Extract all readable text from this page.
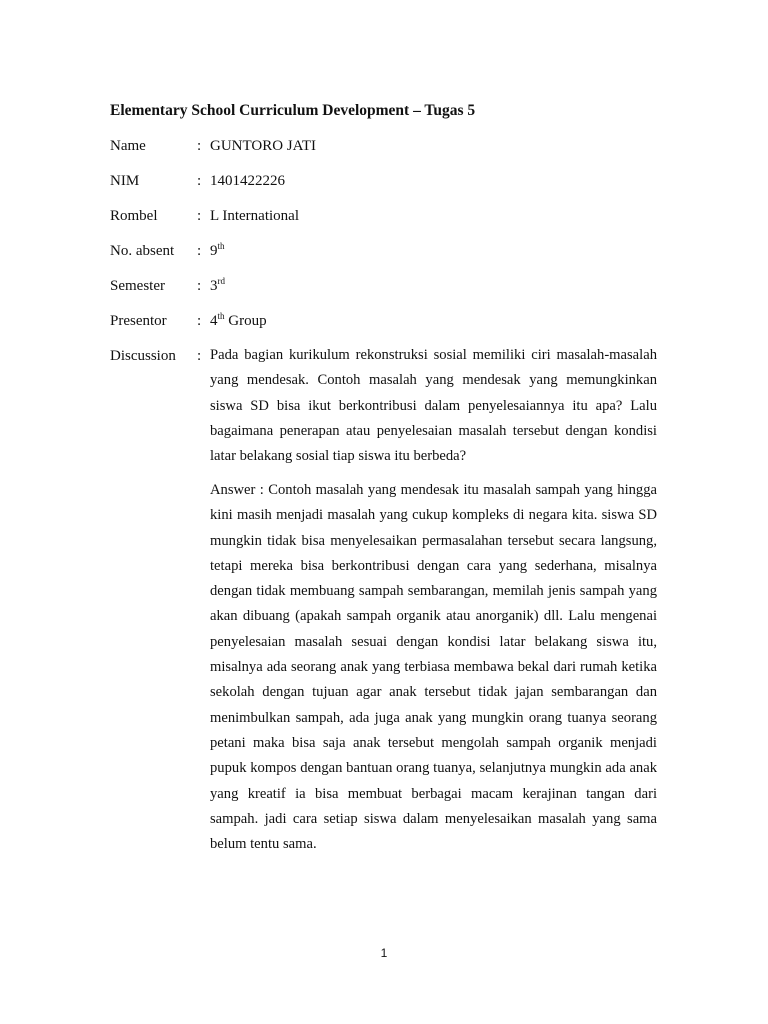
Elementary School Curriculum Development – Tugas 5
Name	: GUNTORO JATI
NIM	: 1401422226
Rombel	: L International
No. absent : 9th
Semester : 3rd
Presentor : 4th Group
Discussion : Pada bagian kurikulum rekonstruksi sosial memiliki ciri masalah-masalah yang mendesak. Contoh masalah yang mendesak yang memungkinkan siswa SD bisa ikut berkontribusi dalam penyelesaiannya itu apa? Lalu bagaimana penerapan atau penyelesaian masalah tersebut dengan kondisi latar belakang sosial tiap siswa itu berbeda?

Answer : Contoh masalah yang mendesak itu masalah sampah yang hingga kini masih menjadi masalah yang cukup kompleks di negara kita. siswa SD mungkin tidak bisa menyelesaikan permasalahan tersebut secara langsung, tetapi mereka bisa berkontribusi dengan cara yang sederhana, misalnya dengan tidak membuang sampah sembarangan, memilah jenis sampah yang akan dibuang (apakah sampah organik atau anorganik) dll. Lalu mengenai penyelesaian masalah sesuai dengan kondisi latar belakang siswa itu, misalnya ada seorang anak yang terbiasa membawa bekal dari rumah ketika sekolah dengan tujuan agar anak tersebut tidak jajan sembarangan dan menimbulkan sampah, ada juga anak yang mungkin orang tuanya seorang petani maka bisa saja anak tersebut mengolah sampah organik menjadi pupuk kompos dengan bantuan orang tuanya, selanjutnya mungkin ada anak yang kreatif ia bisa membuat berbagai macam kerajinan tangan dari sampah. jadi cara setiap siswa dalam menyelesaikan masalah yang sama belum tentu sama.

1
